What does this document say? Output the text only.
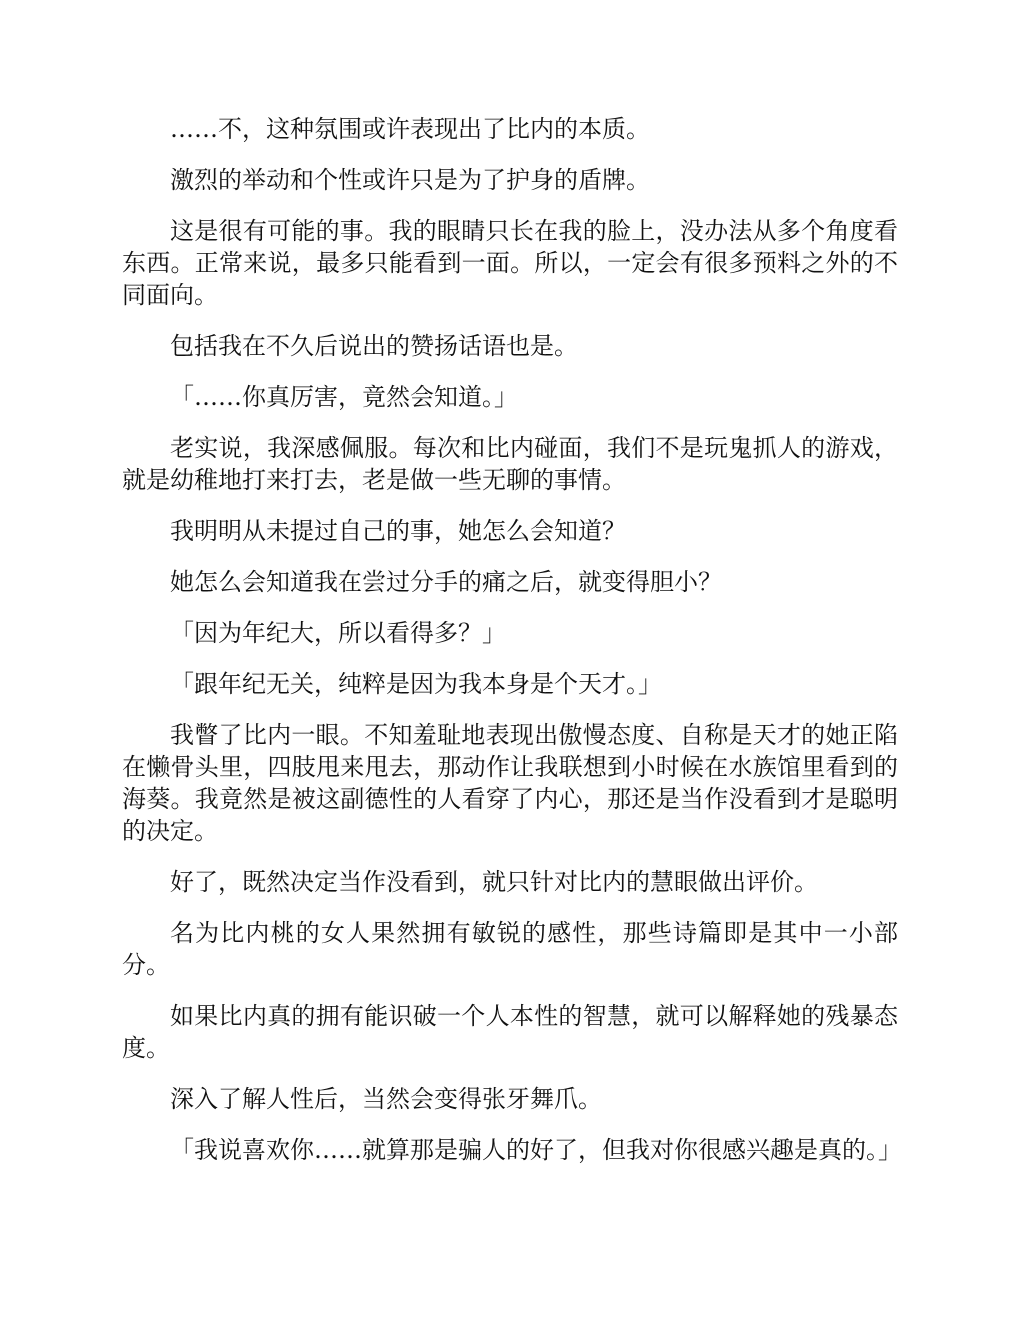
……不，这种氛围或许表现出了比内的本质。

激烈的举动和个性或许只是为了护身的盾牌。

这是很有可能的事。我的眼睛只长在我的脸上，没办法从多个角度看东西。正常来说，最多只能看到一面。所以，一定会有很多预料之外的不同面向。

包括我在不久后说出的赞扬话语也是。

「……你真厉害，竟然会知道。」

老实说，我深感佩服。每次和比内碰面，我们不是玩鬼抓人的游戏，就是幼稚地打来打去，老是做一些无聊的事情。

我明明从未提过自己的事，她怎么会知道？

她怎么会知道我在尝过分手的痛之后，就变得胆小？

「因为年纪大，所以看得多？」

「跟年纪无关，纯粹是因为我本身是个天才。」

我瞥了比内一眼。不知羞耻地表现出傲慢态度、自称是天才的她正陷在懒骨头里，四肢甩来甩去，那动作让我联想到小时候在水族馆里看到的海葵。我竟然是被这副德性的人看穿了内心，那还是当作没看到才是聪明的决定。

好了，既然决定当作没看到，就只针对比内的慧眼做出评价。

名为比内桃的女人果然拥有敏锐的感性，那些诗篇即是其中一小部分。

如果比内真的拥有能识破一个人本性的智慧，就可以解释她的残暴态度。

深入了解人性后，当然会变得张牙舞爪。

「我说喜欢你……就算那是骗人的好了，但我对你很感兴趣是真的。」
